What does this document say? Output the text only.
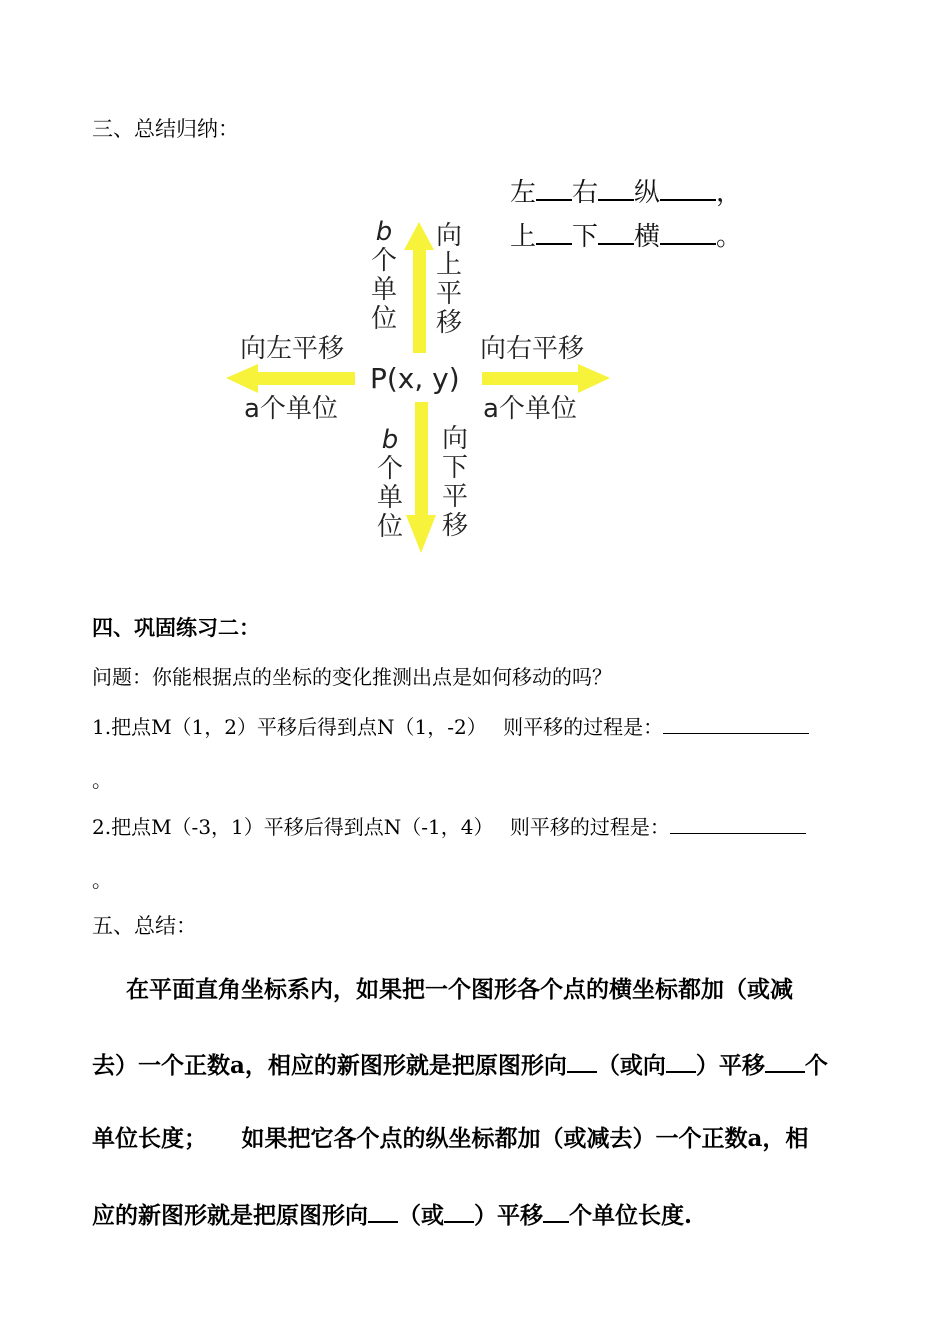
三、总结归纳：
左 右 纵 ，
上 下 横 。
P(x, y)
b
个
单
位
向
上
平
移
b
个
单
位
向
下
平
移
向左平移
a个单位
向右平移
a个单位
四、巩固练习二：
问题：你能根据点的坐标的变化推测出点是如何移动的吗？
1.把点M（1，2）平移后得到点N（1，-2）　 则平移的过程是：
。
2.把点M（-3，1）平移后得到点N（-1，4）　 则平移的过程是：
。
五、总结：
在平面直角坐标系内，如果把一个图形各个点的横坐标都加（或减
去）一个正数a，相应的新图形就是把原图形向 （或向 ）平移 个
单位长度；　　如果把它各个点的纵坐标都加（或减去）一个正数a，相
应的新图形就是把原图形向 （或 ）平移 个单位长度.
